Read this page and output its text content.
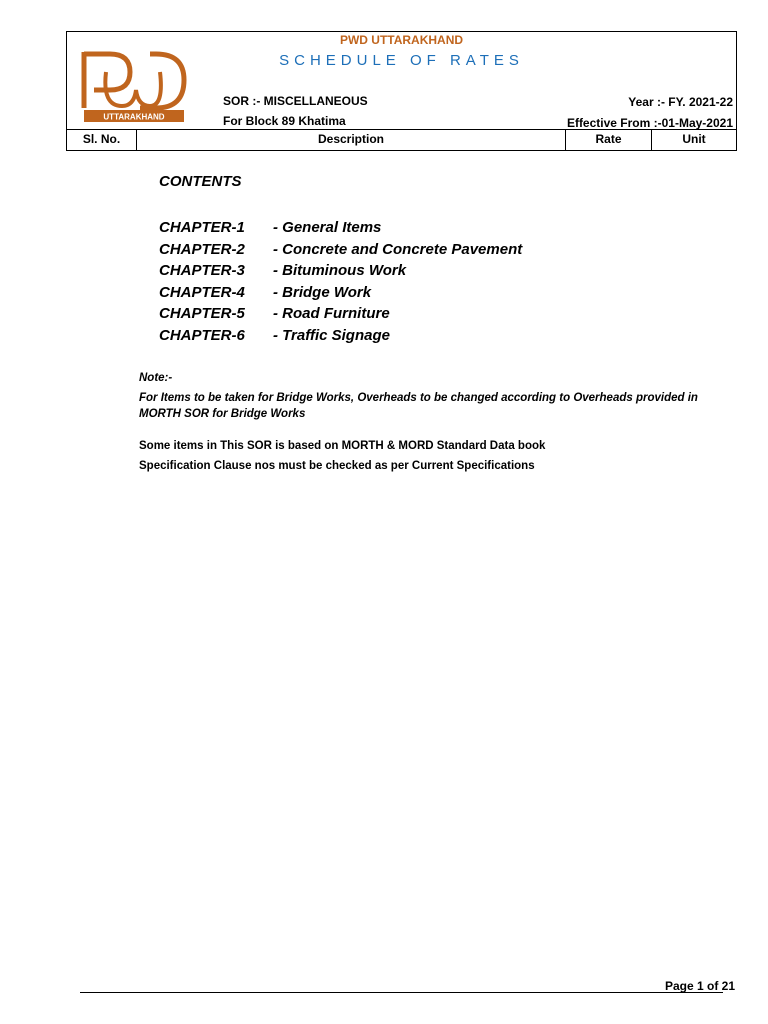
UTTARAKHAND
PWD UTTARAKHAND
SCHEDULE OF RATES
SOR :- MISCELLANEOUS
For Block 89 Khatima
Year :- FY. 2021-22
Effective From :-01-May-2021
Sl. No.	Description	Rate	Unit
CONTENTS
CHAPTER-1	- General Items
CHAPTER-2	- Concrete and Concrete Pavement
CHAPTER-3	- Bituminous Work
CHAPTER-4	- Bridge Work
CHAPTER-5	- Road Furniture
CHAPTER-6	- Traffic Signage
Note:-
For Items to be taken for Bridge Works, Overheads to be changed according to Overheads provided in MORTH SOR for Bridge Works
Some items in This SOR is based on MORTH & MORD Standard Data book
Specification Clause nos must be checked as per Current Specifications
Page 1 of 21
